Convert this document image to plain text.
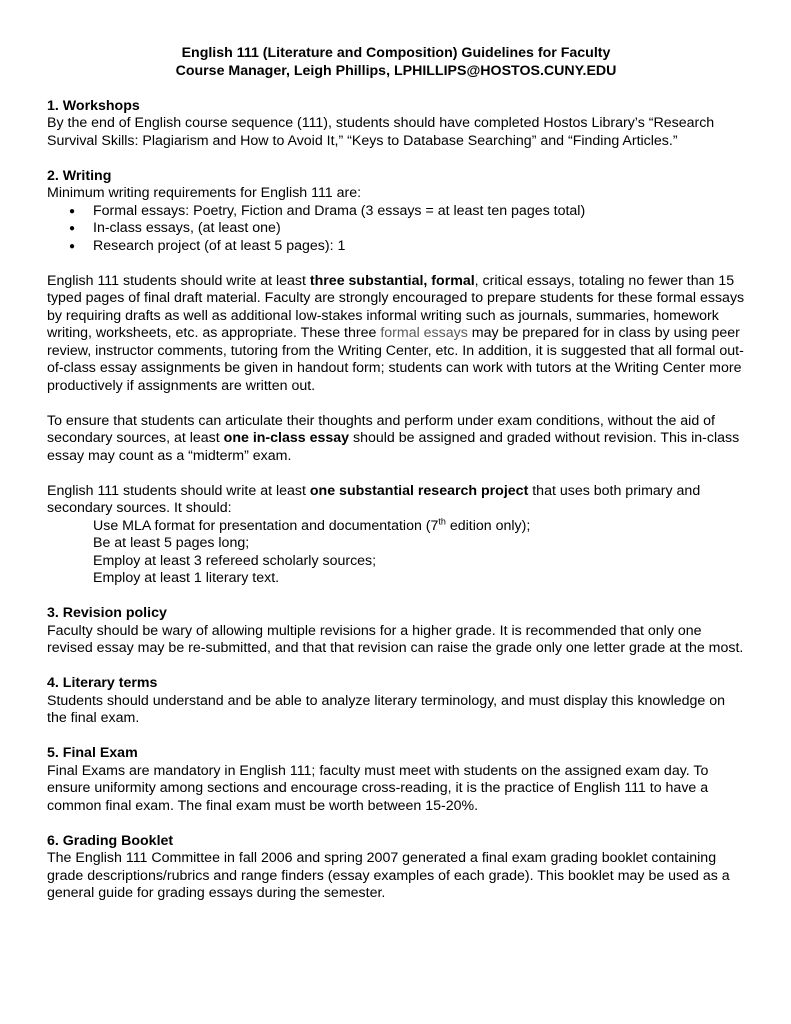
English 111 (Literature and Composition) Guidelines for Faculty
Course Manager, Leigh Phillips, LPHILLIPS@HOSTOS.CUNY.EDU
1. Workshops
By the end of English course sequence (111), students should have completed Hostos Library’s “Research Survival Skills: Plagiarism and How to Avoid It,” “Keys to Database Searching” and “Finding Articles.”
2. Writing
Minimum writing requirements for English 111 are:
● Formal essays: Poetry, Fiction and Drama (3 essays = at least ten pages total)
● In-class essays, (at least one)
● Research project (of at least 5 pages): 1

English 111 students should write at least three substantial, formal, critical essays, totaling no fewer than 15 typed pages of final draft material. Faculty are strongly encouraged to prepare students for these formal essays by requiring drafts as well as additional low-stakes informal writing such as journals, summaries, homework writing, worksheets, etc. as appropriate. These three formal essays may be prepared for in class by using peer review, instructor comments, tutoring from the Writing Center, etc. In addition, it is suggested that all formal out-of-class essay assignments be given in handout form; students can work with tutors at the Writing Center more productively if assignments are written out.

To ensure that students can articulate their thoughts and perform under exam conditions, without the aid of secondary sources, at least one in-class essay should be assigned and graded without revision. This in-class essay may count as a “midterm” exam.

English 111 students should write at least one substantial research project that uses both primary and secondary sources. It should:

Use MLA format for presentation and documentation (7th edition only);
Be at least 5 pages long;
Employ at least 3 refereed scholarly sources;
Employ at least 1 literary text.
3. Revision policy
Faculty should be wary of allowing multiple revisions for a higher grade. It is recommended that only one revised essay may be re-submitted, and that that revision can raise the grade only one letter grade at the most.
4. Literary terms
Students should understand and be able to analyze literary terminology, and must display this knowledge on the final exam.
5. Final Exam
Final Exams are mandatory in English 111; faculty must meet with students on the assigned exam day. To ensure uniformity among sections and encourage cross-reading, it is the practice of English 111 to have a common final exam. The final exam must be worth between 15-20%.
6. Grading Booklet
The English 111 Committee in fall 2006 and spring 2007 generated a final exam grading booklet containing grade descriptions/rubrics and range finders (essay examples of each grade). This booklet may be used as a general guide for grading essays during the semester.
